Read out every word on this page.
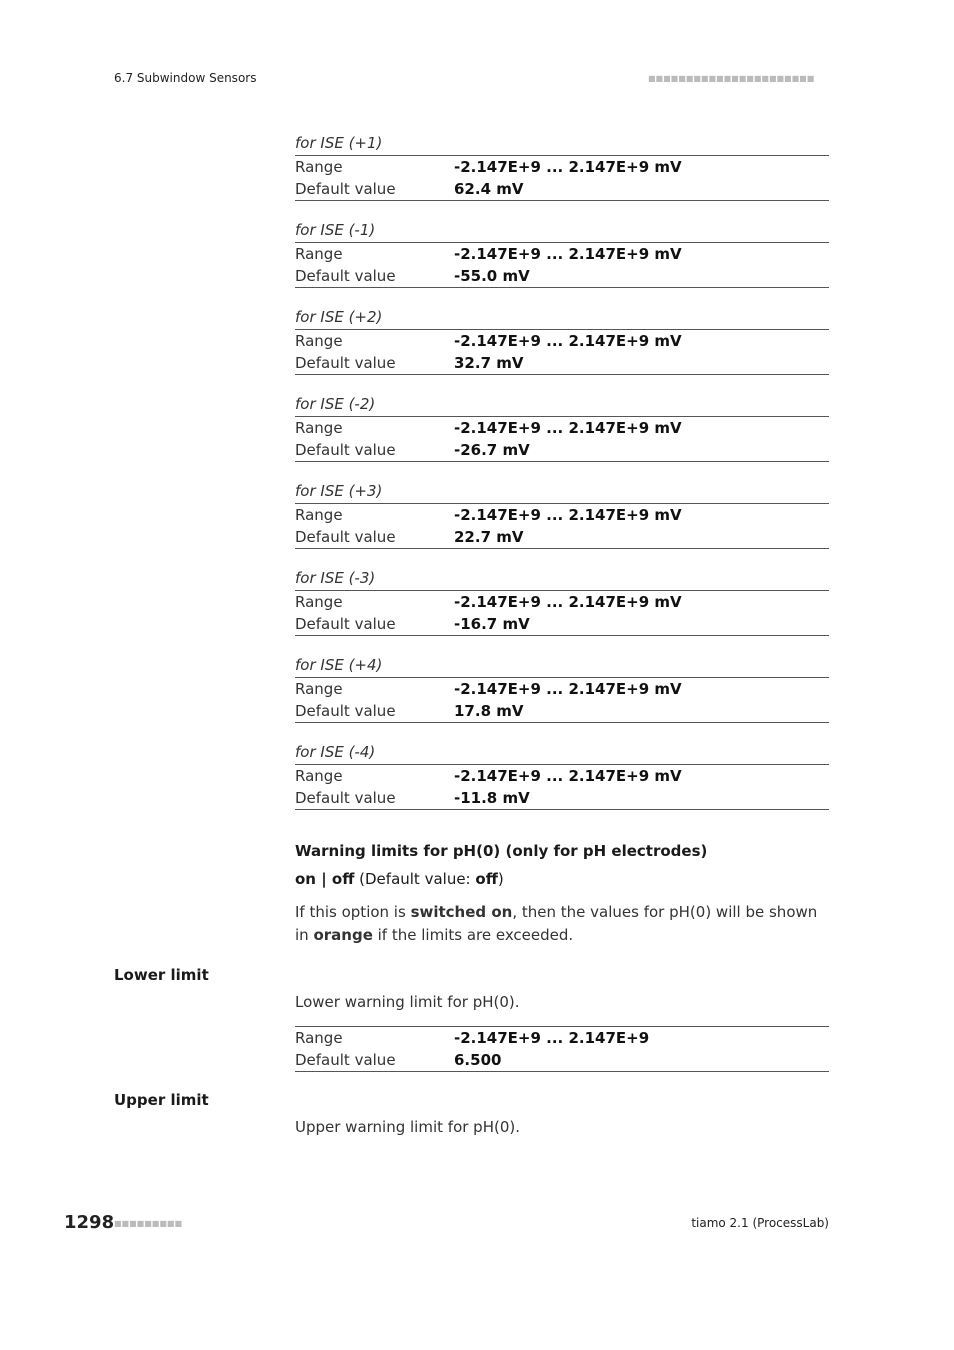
6.7 Subwindow Sensors	■■■■■■■■■■■■■■■■■■■■■■
for ISE (+1)
Range	-2.147E+9 ... 2.147E+9 mV
Default value	62.4 mV
for ISE (-1)
Range	-2.147E+9 ... 2.147E+9 mV
Default value	-55.0 mV
for ISE (+2)
Range	-2.147E+9 ... 2.147E+9 mV
Default value	32.7 mV
for ISE (-2)
Range	-2.147E+9 ... 2.147E+9 mV
Default value	-26.7 mV
for ISE (+3)
Range	-2.147E+9 ... 2.147E+9 mV
Default value	22.7 mV
for ISE (-3)
Range	-2.147E+9 ... 2.147E+9 mV
Default value	-16.7 mV
for ISE (+4)
Range	-2.147E+9 ... 2.147E+9 mV
Default value	17.8 mV
for ISE (-4)
Range	-2.147E+9 ... 2.147E+9 mV
Default value	-11.8 mV
Warning limits for pH(0) (only for pH electrodes)
on | off (Default value: off)
If this option is switched on, then the values for pH(0) will be shown in orange if the limits are exceeded.
Lower limit
Lower warning limit for pH(0).
Range	-2.147E+9 ... 2.147E+9
Default value	6.500
Upper limit
Upper warning limit for pH(0).
1298 ■■■■■■■■■	tiamo 2.1 (ProcessLab)
